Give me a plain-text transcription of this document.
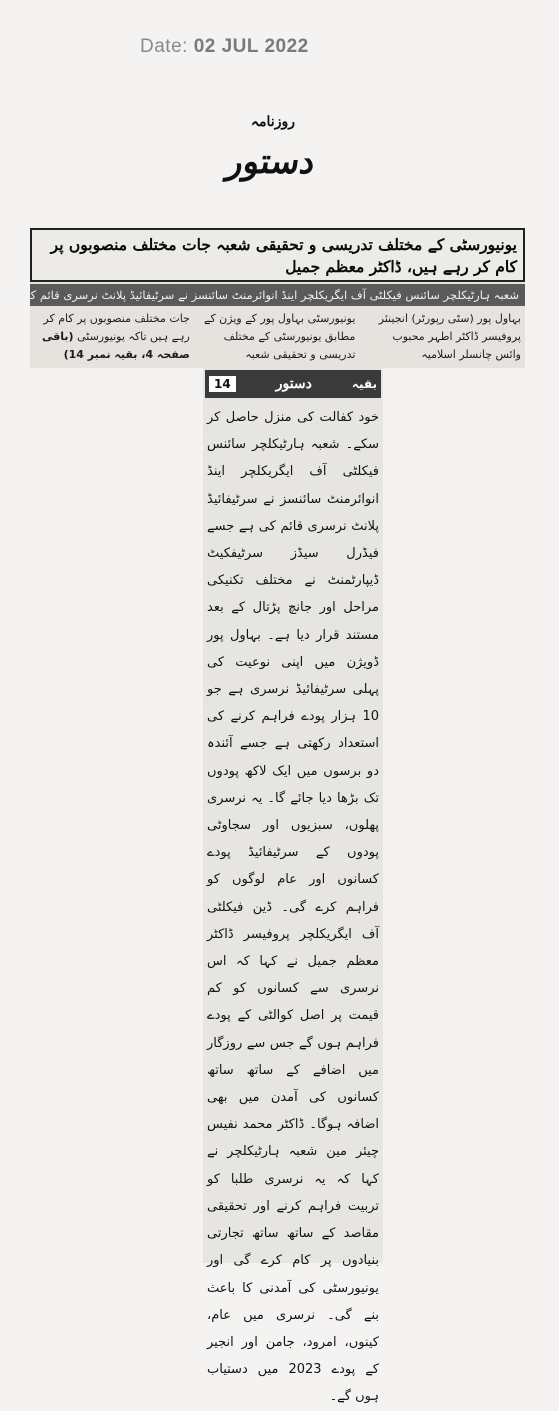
Date: 02 JUL 2022
روزنامہ
دستور
یونیورسٹی کے مختلف تدریسی و تحقیقی شعبہ جات مختلف منصوبوں پر کام کر رہے ہیں، ڈاکٹر معظم جمیل
شعبہ ہارٹیکلچر سائنس فیکلٹی آف ایگریکلچر اینڈ انوائرمنٹ سائنسز نے سرٹیفائیڈ پلانٹ نرسری قائم کی ہے
بہاول پور (سٹی رپورٹر) انجینئر پروفیسر ڈاکٹر اطہر محبوب وائس چانسلر اسلامیہ
یونیورسٹی بہاول پور کے ویژن کے مطابق یونیورسٹی کے مختلف تدریسی و تحقیقی شعبہ
جات مختلف منصوبوں پر کام کر رہے ہیں تاکہ یونیورسٹی (باقی صفحہ 4، بقیہ نمبر 14)
بقیہ
دستور
14

خود کفالت کی منزل حاصل کر سکے۔ شعبہ ہارٹیکلچر سائنس فیکلٹی آف ایگریکلچر اینڈ انوائرمنٹ سائنسز نے سرٹیفائیڈ پلانٹ نرسری قائم کی ہے جسے فیڈرل سیڈز سرٹیفکیٹ ڈیپارٹمنٹ نے مختلف تکنیکی مراحل اور جانچ پڑتال کے بعد مستند قرار دیا ہے۔ بہاول پور ڈویژن میں اپنی نوعیت کی پہلی سرٹیفائیڈ نرسری ہے جو 10 ہزار پودے فراہم کرنے کی استعداد رکھتی ہے جسے آئندہ دو برسوں میں ایک لاکھ پودوں تک بڑھا دیا جائے گا۔ یہ نرسری پھلوں، سبزیوں اور سجاوٹی پودوں کے سرٹیفائیڈ پودے کسانوں اور عام لوگوں کو فراہم کرے گی۔ ڈین فیکلٹی آف ایگریکلچر پروفیسر ڈاکٹر معظم جمیل نے کہا کہ اس نرسری سے کسانوں کو کم قیمت پر اصل کوالٹی کے پودے فراہم ہوں گے جس سے روزگار میں اضافے کے ساتھ ساتھ کسانوں کی آمدن میں بھی اضافہ ہوگا۔ ڈاکٹر محمد نفیس چیئر مین شعبہ ہارٹیکلچر نے کہا کہ یہ نرسری طلبا کو تربیت فراہم کرنے اور تحقیقی مقاصد کے ساتھ ساتھ تجارتی بنیادوں پر کام کرے گی اور یونیورسٹی کی آمدنی کا باعث بنے گی۔ نرسری میں عام، کینوں، امرود، جامن اور انجیر کے پودے 2023 میں دستیاب ہوں گے۔
